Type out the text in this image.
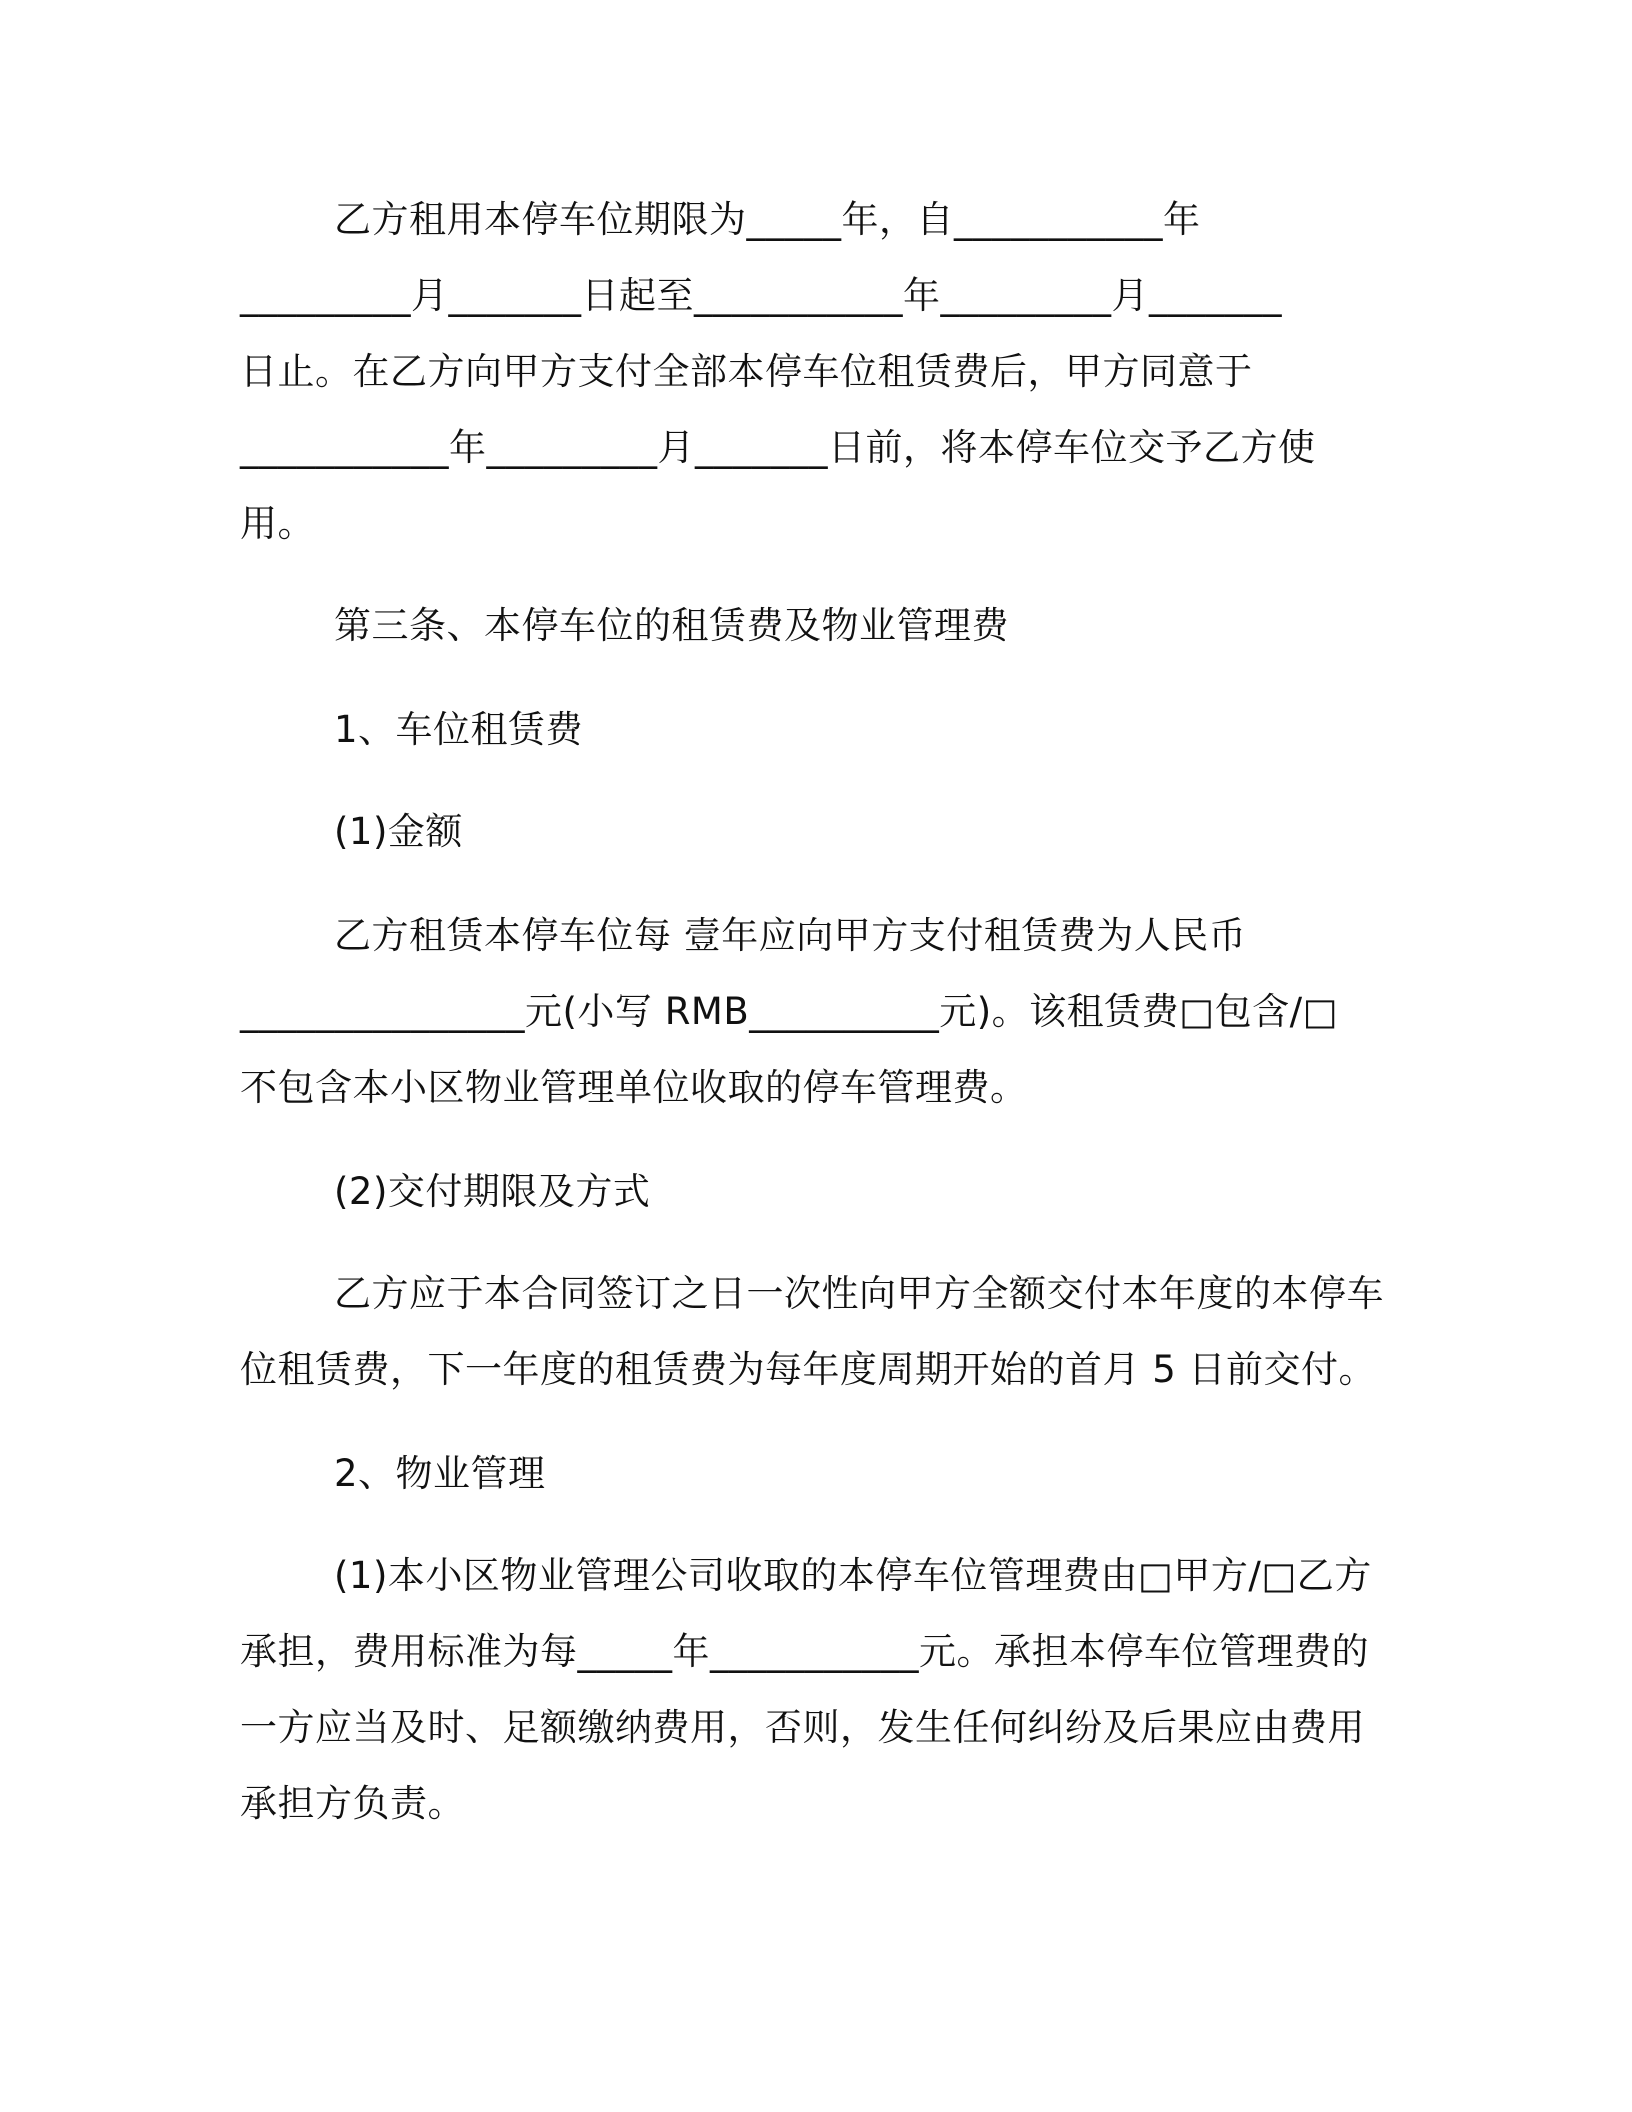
乙方租用本停车位期限为_____年，自___________年
_________月_______日起至___________年_________月_______
日止。在乙方向甲方支付全部本停车位租赁费后，甲方同意于
___________年_________月_______日前，将本停车位交予乙方使
用。
第三条、本停车位的租赁费及物业管理费
1、车位租赁费
(1)金额
乙方租赁本停车位每 壹年应向甲方支付租赁费为人民币
_______________元(小写 RMB__________元)。该租赁费□包含/□
不包含本小区物业管理单位收取的停车管理费。
(2)交付期限及方式
乙方应于本合同签订之日一次性向甲方全额交付本年度的本停车
位租赁费，下一年度的租赁费为每年度周期开始的首月 5 日前交付。
2、物业管理
(1)本小区物业管理公司收取的本停车位管理费由□甲方/□乙方
承担，费用标准为每_____年___________元。承担本停车位管理费的
一方应当及时、足额缴纳费用，否则，发生任何纠纷及后果应由费用
承担方负责。
